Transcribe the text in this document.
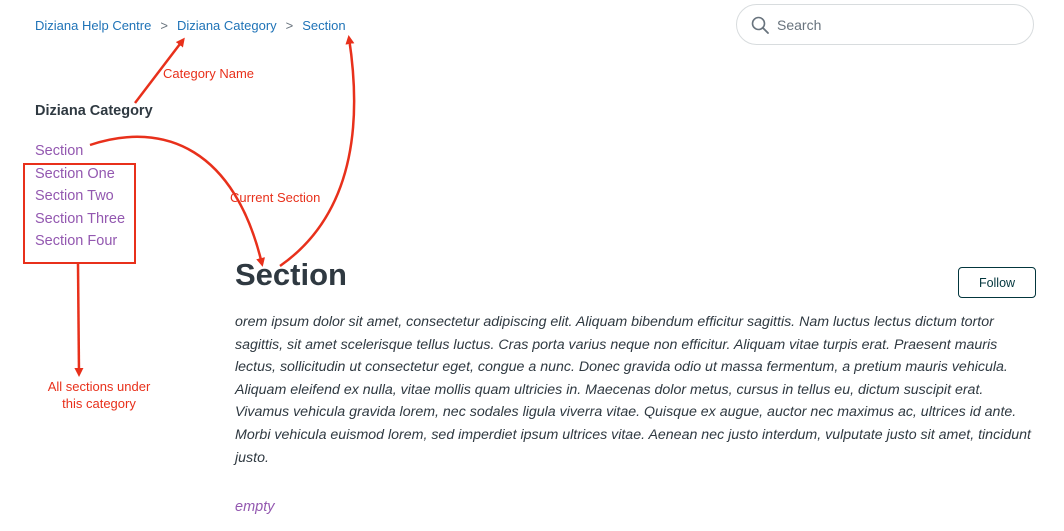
Diziana Help Centre > Diziana Category > Section
Search
Diziana Category
Section
Section One
Section Two
Section Three
Section Four
Section	Follow

orem ipsum dolor sit amet, consectetur adipiscing elit. Aliquam bibendum efficitur sagittis. Nam luctus lectus dictum tortor sagittis, sit amet scelerisque tellus luctus. Cras porta varius neque non efficitur. Aliquam vitae turpis erat. Praesent mauris lectus, sollicitudin ut consectetur eget, congue a nunc. Donec gravida odio ut massa fermentum, a pretium mauris vehicula. Aliquam eleifend ex nulla, vitae mollis quam ultricies in. Maecenas dolor metus, cursus in tellus eu, dictum suscipit erat. Vivamus vehicula gravida lorem, nec sodales ligula viverra vitae. Quisque ex augue, auctor nec maximus ac, ultrices id ante. Morbi vehicula euismod lorem, sed imperdiet ipsum ultrices vitae. Aenean nec justo interdum, vulputate justo sit amet, tincidunt justo.

empty
Category Name
Current Section
All sections under
this category
